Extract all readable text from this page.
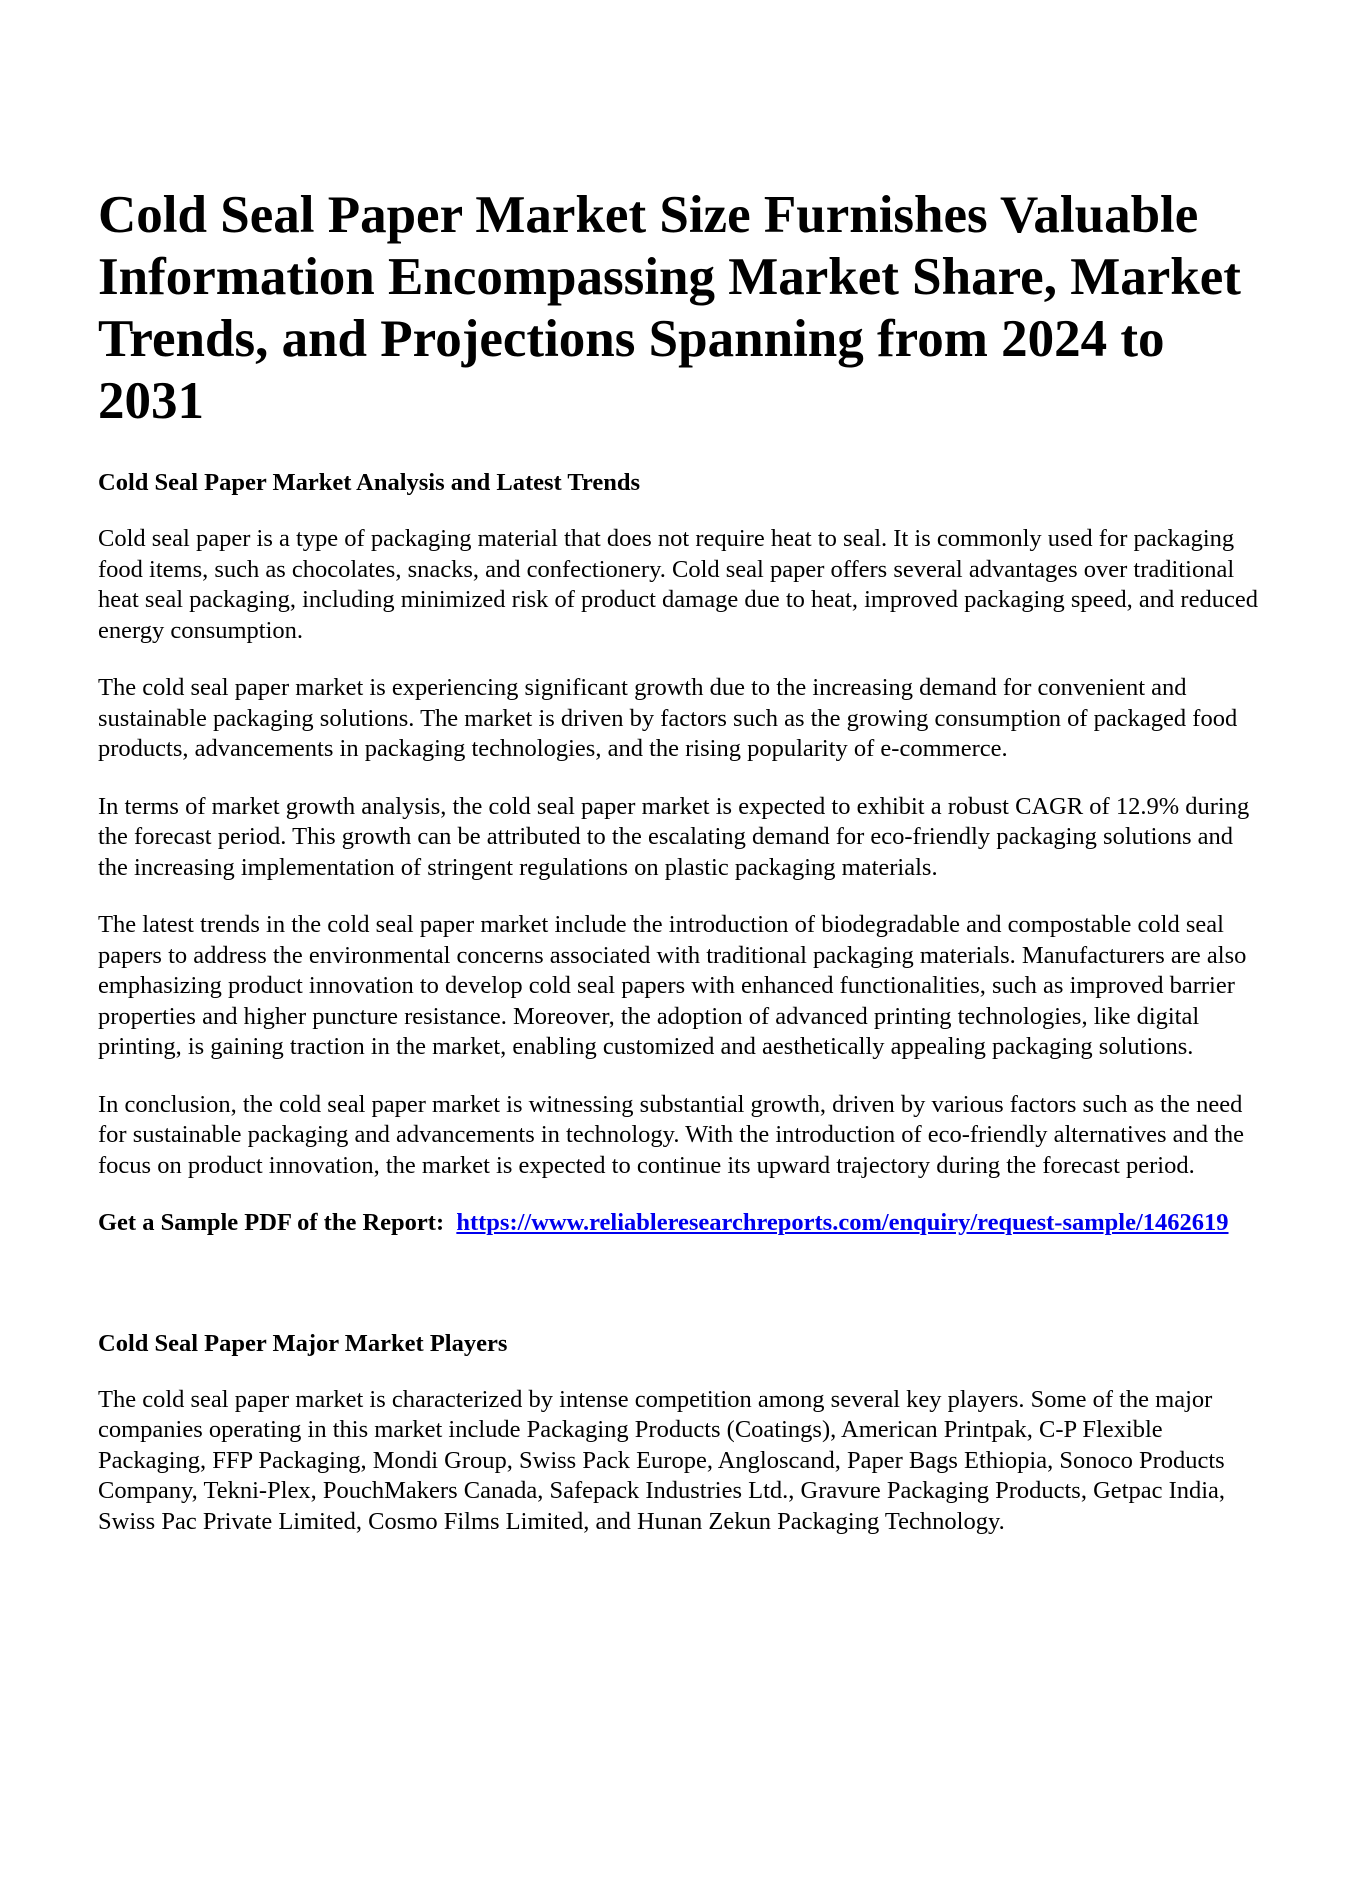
Cold Seal Paper Market Size Furnishes Valuable Information Encompassing Market Share, Market Trends, and Projections Spanning from 2024 to 2031
Cold Seal Paper Market Analysis and Latest Trends

Cold seal paper is a type of packaging material that does not require heat to seal. It is commonly used for packaging food items, such as chocolates, snacks, and confectionery. Cold seal paper offers several advantages over traditional heat seal packaging, including minimized risk of product damage due to heat, improved packaging speed, and reduced energy consumption.

The cold seal paper market is experiencing significant growth due to the increasing demand for convenient and sustainable packaging solutions. The market is driven by factors such as the growing consumption of packaged food products, advancements in packaging technologies, and the rising popularity of e-commerce.

In terms of market growth analysis, the cold seal paper market is expected to exhibit a robust CAGR of 12.9% during the forecast period. This growth can be attributed to the escalating demand for eco-friendly packaging solutions and the increasing implementation of stringent regulations on plastic packaging materials.

The latest trends in the cold seal paper market include the introduction of biodegradable and compostable cold seal papers to address the environmental concerns associated with traditional packaging materials. Manufacturers are also emphasizing product innovation to develop cold seal papers with enhanced functionalities, such as improved barrier properties and higher puncture resistance. Moreover, the adoption of advanced printing technologies, like digital printing, is gaining traction in the market, enabling customized and aesthetically appealing packaging solutions.

In conclusion, the cold seal paper market is witnessing substantial growth, driven by various factors such as the need for sustainable packaging and advancements in technology. With the introduction of eco-friendly alternatives and the focus on product innovation, the market is expected to continue its upward trajectory during the forecast period.

Get a Sample PDF of the Report: https://www.reliableresearchreports.com/enquiry/request-sample/1462619
Cold Seal Paper Major Market Players

The cold seal paper market is characterized by intense competition among several key players. Some of the major companies operating in this market include Packaging Products (Coatings), American Printpak, C-P Flexible Packaging, FFP Packaging, Mondi Group, Swiss Pack Europe, Angloscand, Paper Bags Ethiopia, Sonoco Products Company, Tekni-Plex, PouchMakers Canada, Safepack Industries Ltd., Gravure Packaging Products, Getpac India, Swiss Pac Private Limited, Cosmo Films Limited, and Hunan Zekun Packaging Technology.
